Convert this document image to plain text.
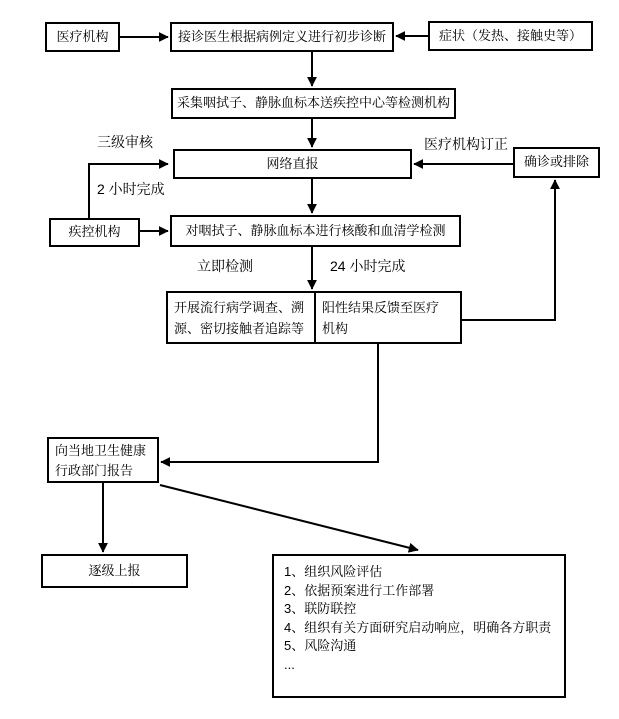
医疗机构	接诊医生根据病例定义进行初步诊断	症状（发热、接触史等）
采集咽拭子、静脉血标本送疾控中心等检测机构
网络直报	确诊或排除
疾控机构	对咽拭子、静脉血标本进行核酸和血清学检测
开展流行病学调查、溯
源、密切接触者追踪等
阳性结果反馈至医疗
机构
向当地卫生健康
行政部门报告
逐级上报	1、组织风险评估
2、依据预案进行工作部署
3、联防联控
4、组织有关方面研究启动响应，明确各方职责
5、风险沟通
...
三级审核
2 小时完成
医疗机构订正
立即检测	24 小时完成
